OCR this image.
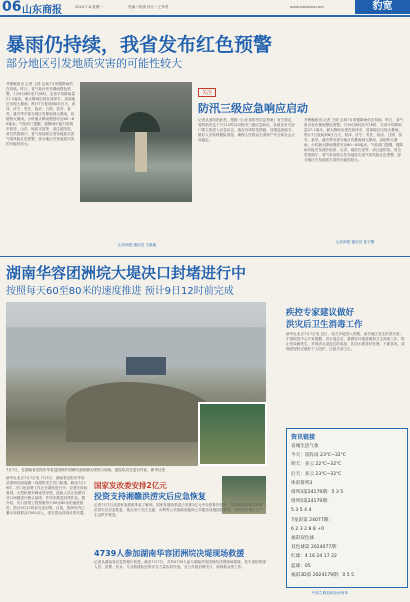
06 山东商报	2024.7.8 星期一	责编 / 知旗 设计 / 王李君	www.sdsanxw.com	豹宽
暴雨仍持续，我省发布红色预警
部分地区引发地质灾害的可能性较大
齐鲁晚报讯 记者 王倩 这场7月的强降雨仍在持续。昨日，省气象台发布暴雨橙色预警。7月6日8时至7日8时，全省平均降雨量27.1毫米，最大降雨出现在菏泽市，局部地区出现大暴雨。预计7日夜间到8日白天，菏泽、济宁、枣庄、临沂、日照、泰安、莱芜、潍坊等市部分地区有暴雨到大暴雨，局地特大暴雨，小时最大降雨强度可达60～80毫米。气象部门提醒，强降雨可能引发城乡积涝、山洪、地质灾害等，请注意防范。省自然资源厅、省气象局联合发布地质灾害气象风险红色预警，部分地区引发地质灾害的可能性较大。
山东商报·通讯员 王晓迪
关注
防汛三级应急响应启动
记者从省防指获悉，根据《山东省防汛应急预案》有关规定，省防指决定于7日12时启动防汛三级应急响应。各地各有关部门要立即进入应急状态，落实各项防范措施，加强巡查值守，做好人员转移避险准备，确保人民群众生命财产安全和社会大局稳定。
齐鲁晚报讯 记者 王倩 这场7月的强降雨仍在持续。昨日，省气象台发布暴雨橙色预警。7月6日8时至7日8时，全省平均降雨量27.1毫米，最大降雨出现在菏泽市，局部地区出现大暴雨。预计7日夜间到8日白天，菏泽、济宁、枣庄、临沂、日照、泰安、莱芜、潍坊等市部分地区有暴雨到大暴雨，局地特大暴雨，小时最大降雨强度可达60～80毫米。气象部门提醒，强降雨可能引发城乡积涝、山洪、地质灾害等，请注意防范。省自然资源厅、省气象局联合发布地质灾害气象风险红色预警，部分地区引发地质灾害的可能性较大。
山东商报·通讯员 夏子馨
湖南华容团洲垸大堤决口封堵进行中
按照每天60至80米的速度推进 预计9日12时前完成
7月7日，在湖南省岳阳市华容县团洲乡团洲垸洞庭湖大堤决口现场，抢险队员在进行作业。新华社发
新华社北京7月7日电 7月5日，湖南省岳阳市华容县团洲垸洞庭湖一线堤防发生决口险情。截至7日19时，决口处封堵工作正在紧张进行中。记者在现场看到，大型机械车辆来回穿梭，抢险人员正加紧对决口两端进行裹头加固，并同步推进封堵作业。据介绍，决口封堵工程按照每天60至80米的速度推进，预计9日12时前完成封堵。目前，团洲垸内已累计转移群众7000余人，受灾群众得到妥善安置。
国家发改委安排2亿元
投资支持湘赣洪涝灾后应急恢复
记者7月7日从国家发展改革委了解到，国家发展改革委已安排2亿元中央预算内投资，支持湖南省和江西省洪涝灾后应急恢复，重点用于灾区交通、水利等公共基础设施和公共服务设施损毁修复，加快受灾地区生产生活秩序恢复。
4739人参加湖南华容团洲垸决堤现场救援
记者从湖南省应急管理厅获悉，截至7月7日，共有4739人参与湖南华容团洲垸决堤现场救援，其中消防救援人员、武警、民兵、专业救援队伍等多支力量协同作战，全力开展封堵决口、转移群众等工作。
疾控专家建议做好
洪灾后卫生消毒工作
新华社北京7月7日电 近日，南方多地进入汛期，部分地区发生洪涝灾害。中国疾控中心专家提醒，洪水退去后，要做好环境清理和卫生消毒工作，防止传染病发生。对被洪水浸泡过的食品、饮用水要及时处理，不要食用。清理淤泥时应做好个人防护，注意手部卫生。
资讯链接
省城生活气象
今天：雷阵雨 23℃~32℃
明天：多云 22℃~32℃
后天：多云 23℃~32℃
体彩排列3
排列3第24179期：5 3 5
排列5第24179期：
5 3 5 4 4
7星彩第 24077期：
6 2 3 2 8 8 +0
福彩双色球
双色球第 2024077期：
红球：4 16 24 17 22
蓝球：05
福彩3D第 2024179期：0 5 5
中彩之路彩和余米州单
